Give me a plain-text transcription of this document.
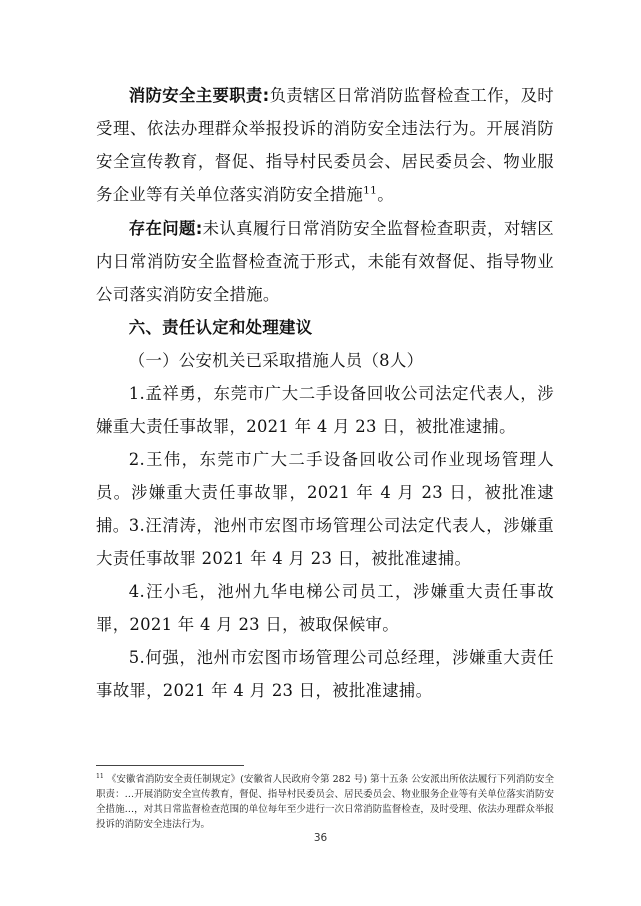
消防安全主要职责:负责辖区日常消防监督检查工作，及时受理、依法办理群众举报投诉的消防安全违法行为。开展消防安全宣传教育，督促、指导村民委员会、居民委员会、物业服务企业等有关单位落实消防安全措施$^{11}$。

存在问题:未认真履行日常消防安全监督检查职责，对辖区内日常消防安全监督检查流于形式，未能有效督促、指导物业公司落实消防安全措施。

六、责任认定和处理建议

（一）公安机关已采取措施人员（8人）

1.孟祥勇，东莞市广大二手设备回收公司法定代表人，涉嫌重大责任事故罪，2021 年 4 月 23 日，被批准逮捕。

2.王伟，东莞市广大二手设备回收公司作业现场管理人员。涉嫌重大责任事故罪，2021 年 4 月 23 日，被批准逮捕。 3.汪清涛，池州市宏图市场管理公司法定代表人，涉嫌重大责任事故罪 2021 年 4 月 23 日，被批准逮捕。

4.汪小毛，池州九华电梯公司员工，涉嫌重大责任事故罪，2021 年 4 月 23 日，被取保候审。

5.何强，池州市宏图市场管理公司总经理，涉嫌重大责任事故罪，2021 年 4 月 23 日，被批准逮捕。

$^{11}$ 《安徽省消防安全责任制规定》(安徽省人民政府令第 282 号) 第十五条 公安派出所依法履行下列消防安全职责：…开展消防安全宣传教育，督促、指导村民委员会、居民委员会、物业服务企业等有关单位落实消防安全措施…，对其日常监督检查范围的单位每年至少进行一次日常消防监督检查，及时受理、依法办理群众举报投诉的消防安全违法行为。

36
